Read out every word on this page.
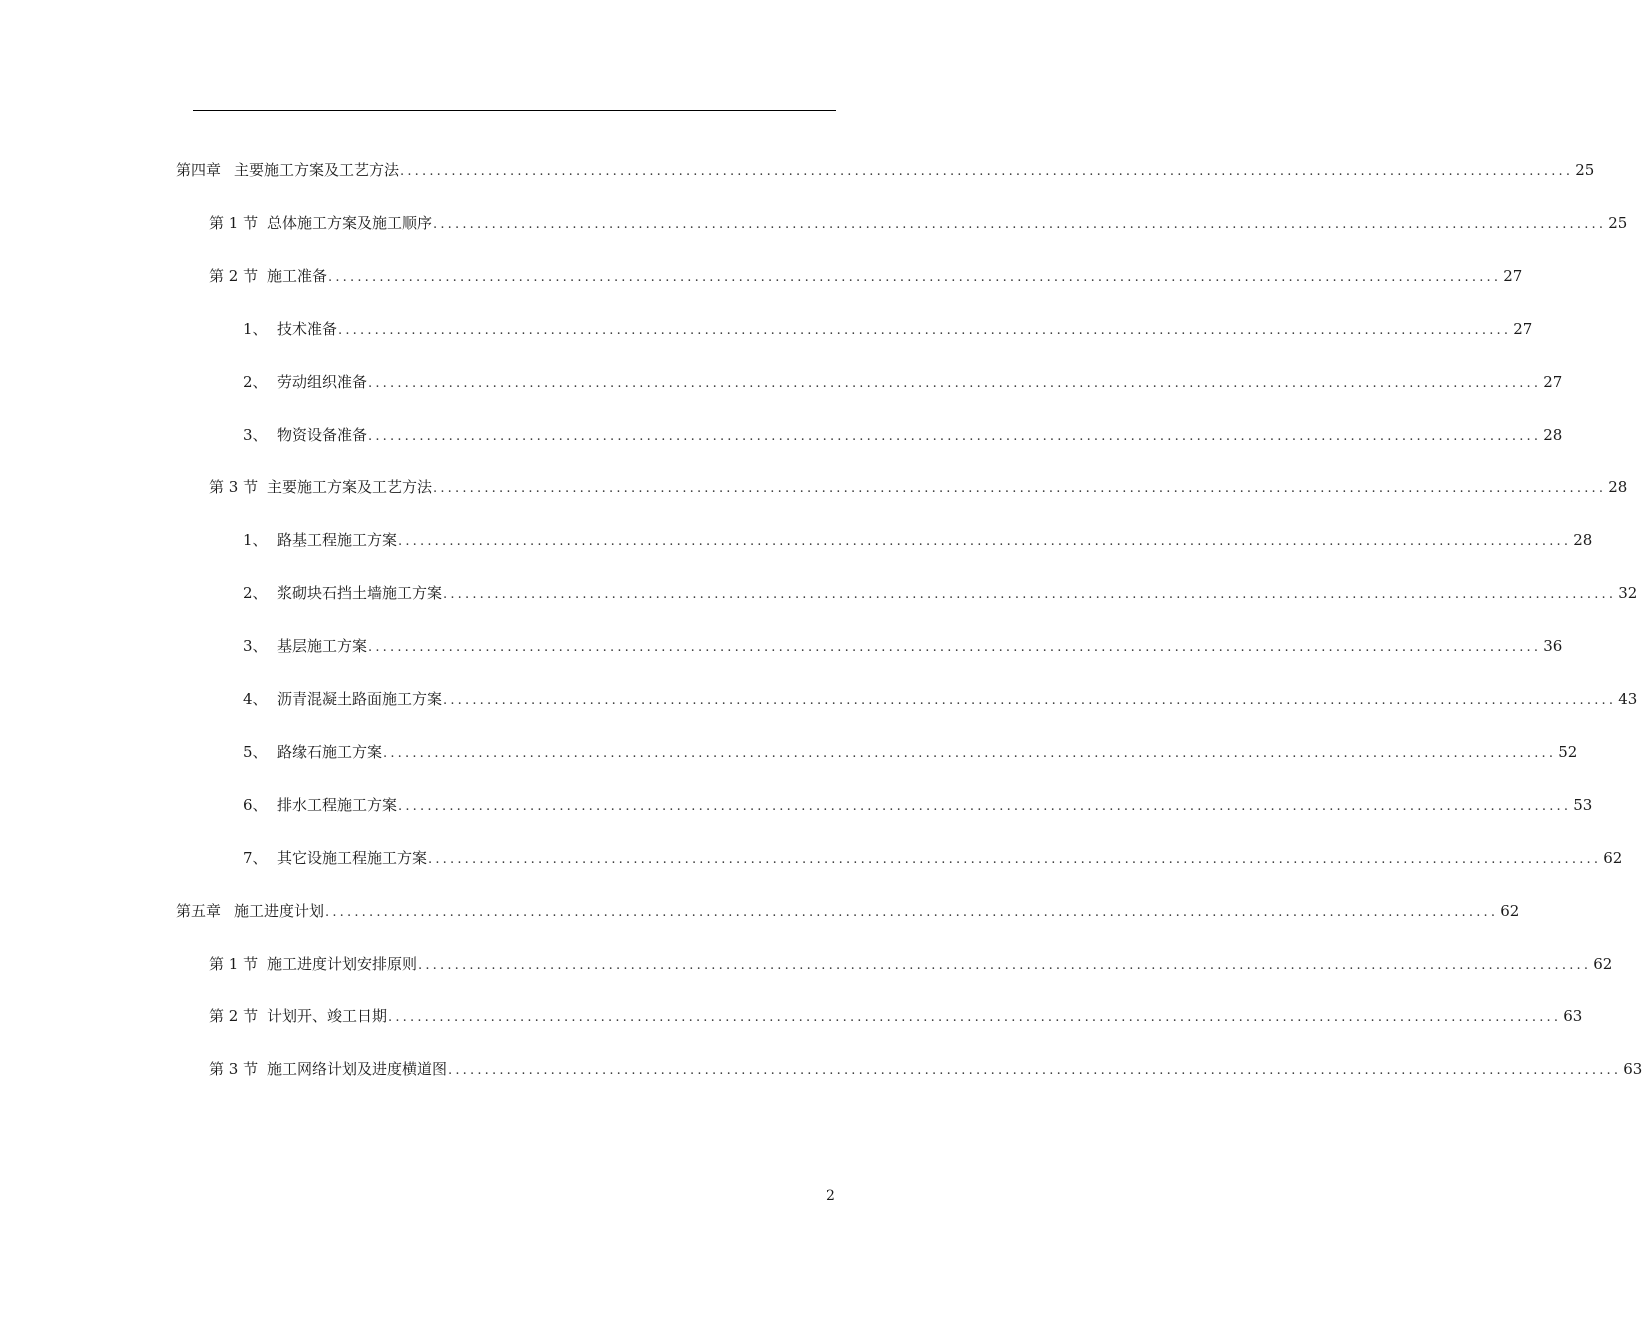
第四章 主要施工方案及工艺方法 ................................................................................................................................................................ 25
第 1 节 总体施工方案及施工顺序 ................................................................................................................................................................ 25
第 2 节 施工准备 ................................................................................................................................................................ 27
1、 技术准备 ................................................................................................................................................................ 27
2、 劳动组织准备 ................................................................................................................................................................ 27
3、 物资设备准备 ................................................................................................................................................................ 28
第 3 节 主要施工方案及工艺方法 ................................................................................................................................................................ 28
1、 路基工程施工方案 ................................................................................................................................................................ 28
2、 浆砌块石挡土墙施工方案 ................................................................................................................................................................ 32
3、 基层施工方案 ................................................................................................................................................................ 36
4、 沥青混凝土路面施工方案 ................................................................................................................................................................ 43
5、 路缘石施工方案 ................................................................................................................................................................ 52
6、 排水工程施工方案 ................................................................................................................................................................ 53
7、 其它设施工程施工方案 ................................................................................................................................................................ 62
第五章 施工进度计划 ................................................................................................................................................................ 62
第 1 节 施工进度计划安排原则 ................................................................................................................................................................ 62
第 2 节 计划开、竣工日期 ................................................................................................................................................................ 63
第 3 节 施工网络计划及进度横道图 ................................................................................................................................................................ 63
2
